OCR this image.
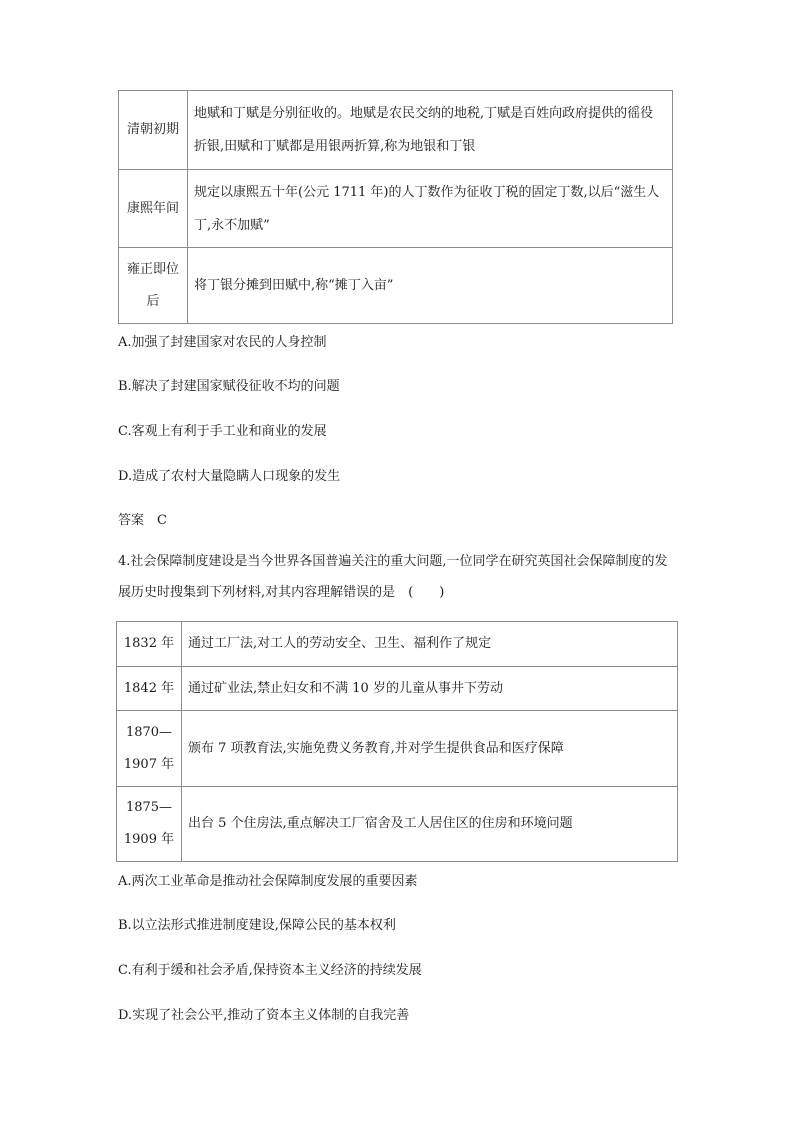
清朝初期	地赋和丁赋是分别征收的。地赋是农民交纳的地税,丁赋是百姓向政府提供的徭役折银,田赋和丁赋都是用银两折算,称为地银和丁银
康熙年间	规定以康熙五十年(公元 1711 年)的人丁数作为征收丁税的固定丁数,以后“滋生人丁,永不加赋”
雍正即位后	将丁银分摊到田赋中,称“摊丁入亩”
A.加强了封建国家对农民的人身控制
B.解决了封建国家赋役征收不均的问题
C.客观上有利于手工业和商业的发展
D.造成了农村大量隐瞒人口现象的发生
答案　C
4.社会保障制度建设是当今世界各国普遍关注的重大问题,一位同学在研究英国社会保障制度的发展历史时搜集到下列材料,对其内容理解错误的是　(　　)
1832 年	通过工厂法,对工人的劳动安全、卫生、福利作了规定
1842 年	通过矿业法,禁止妇女和不满 10 岁的儿童从事井下劳动
1870—1907 年	颁布 7 项教育法,实施免费义务教育,并对学生提供食品和医疗保障
1875—1909 年	出台 5 个住房法,重点解决工厂宿舍及工人居住区的住房和环境问题
A.两次工业革命是推动社会保障制度发展的重要因素
B.以立法形式推进制度建设,保障公民的基本权利
C.有利于缓和社会矛盾,保持资本主义经济的持续发展
D.实现了社会公平,推动了资本主义体制的自我完善
